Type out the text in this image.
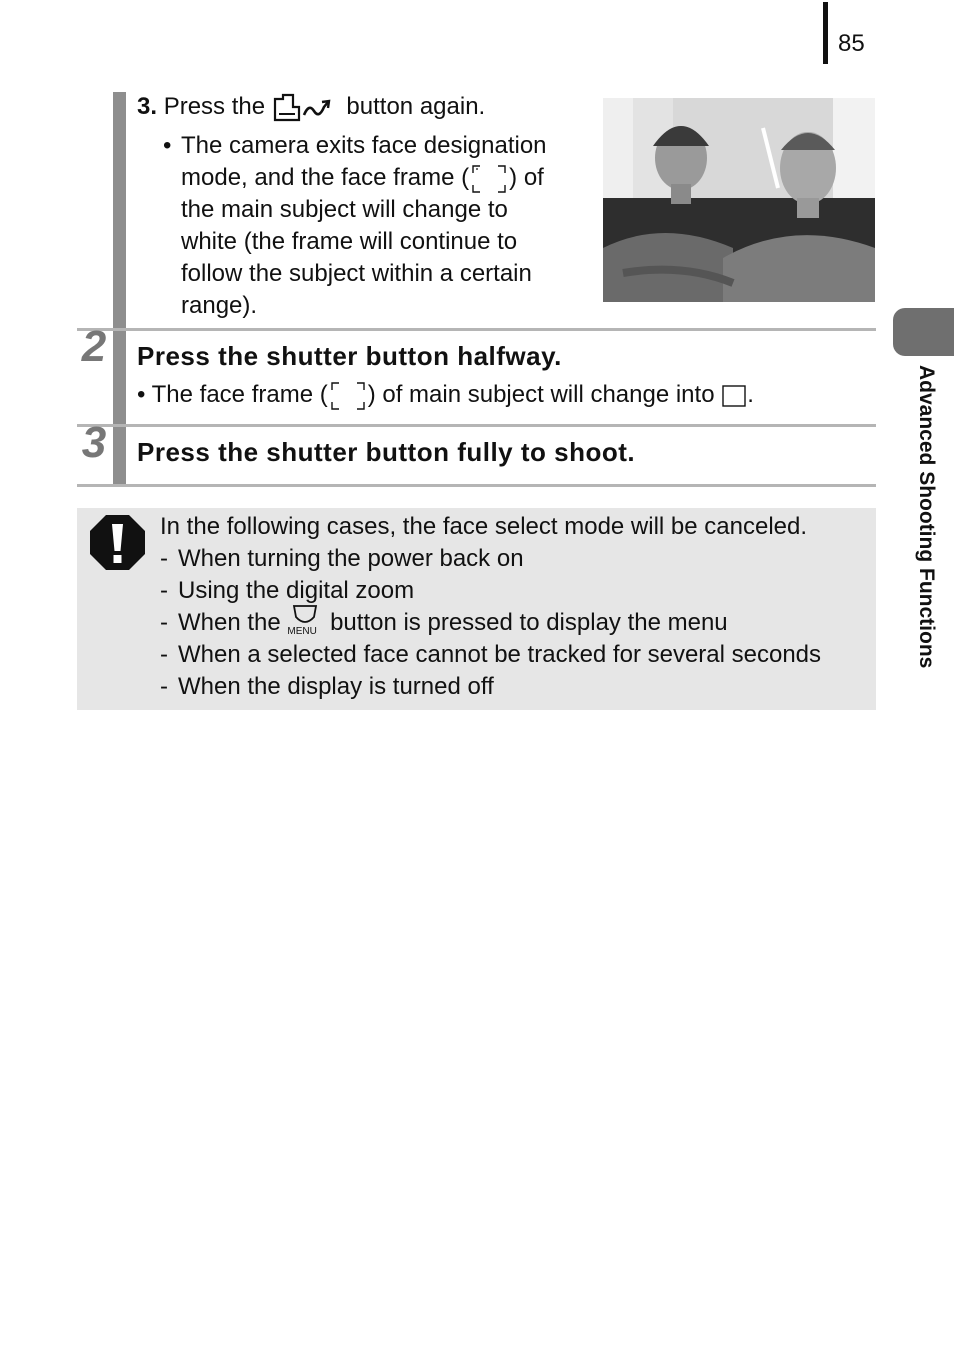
85
Advanced Shooting Functions
3. Press the	button again.
• The camera exits face designation
mode, and the face frame ( ) of
the main subject will change to
white (the frame will continue to
follow the subject within a certain
range).
2 Press the shutter button halfway.
• The face frame ( ) of main subject will change into .
3 Press the shutter button fully to shoot.
In the following cases, the face select mode will be canceled.
- When turning the power back on
- Using the digital zoom
- When the MENU button is pressed to display the menu
- When a selected face cannot be tracked for several seconds
- When the display is turned off
